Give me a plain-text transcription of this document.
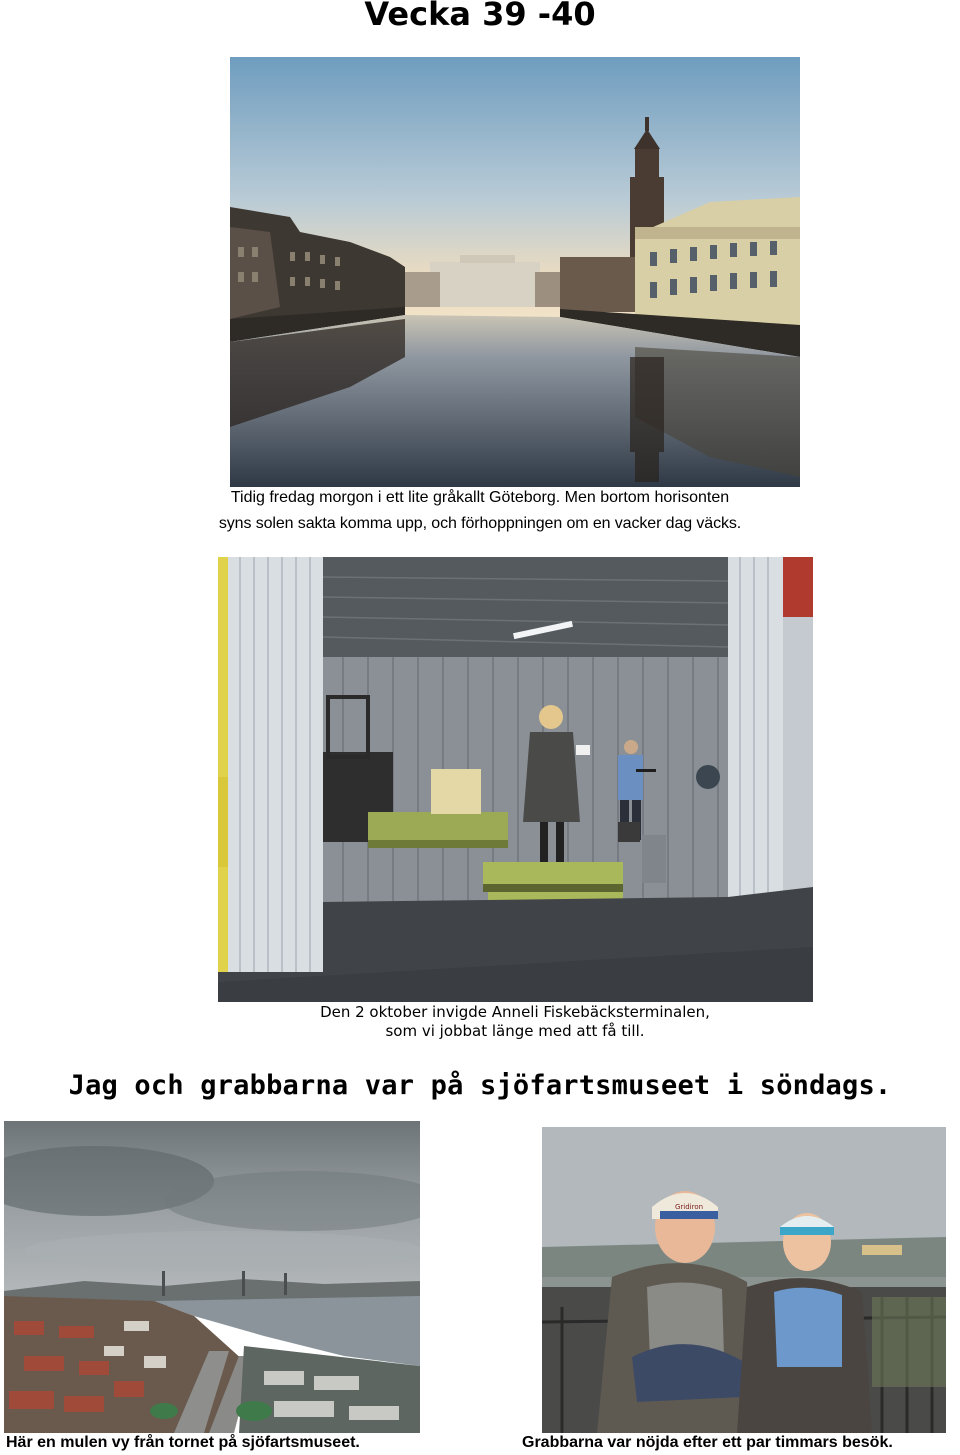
Vecka 39 -40
Tidig fredag morgon i ett lite gråkallt Göteborg. Men bortom horisonten
syns solen sakta komma upp, och förhoppningen om en vacker dag väcks.
Den 2 oktober invigde Anneli Fiskebäcksterminalen,
som vi jobbat länge med att få till.
Jag och grabbarna var på sjöfartsmuseet i söndags.
Gridiron
Här en mulen vy från tornet på sjöfartsmuseet.	Grabbarna var nöjda efter ett par timmars besök.
